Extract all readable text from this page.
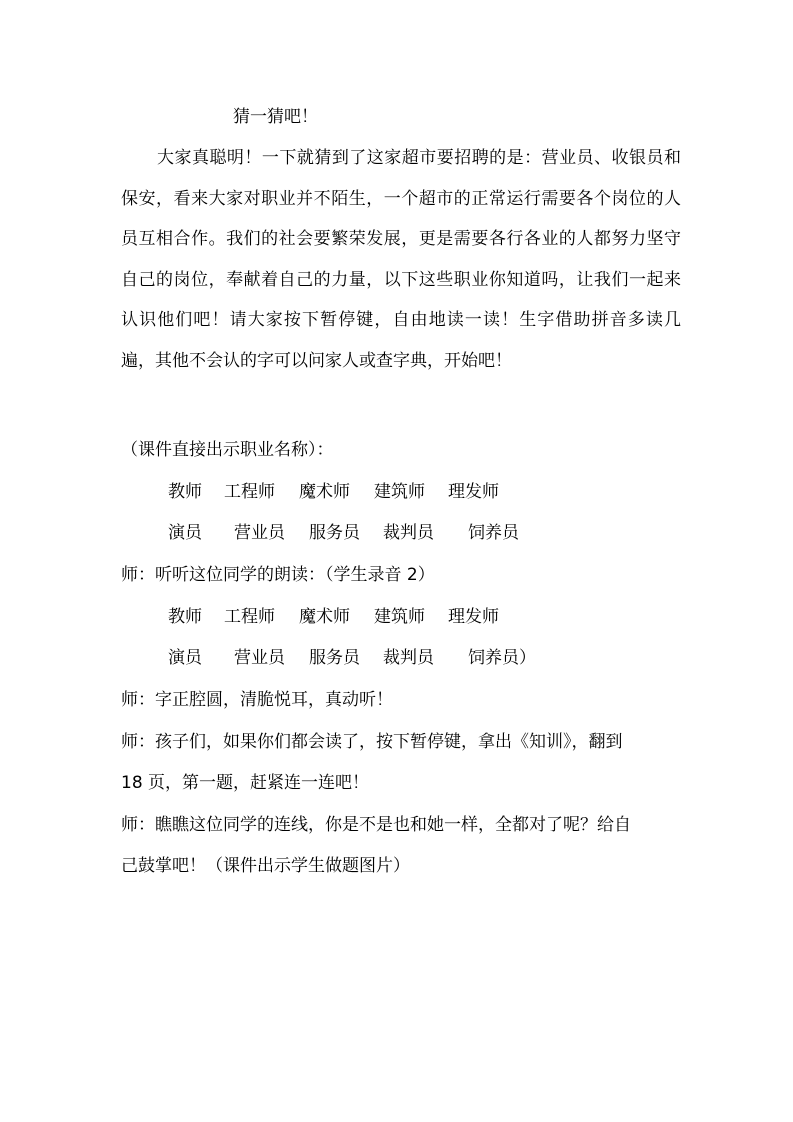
猜一猜吧！
大家真聪明！一下就猜到了这家超市要招聘的是：营业员、收银员和保安，看来大家对职业并不陌生，一个超市的正常运行需要各个岗位的人员互相合作。我们的社会要繁荣发展，更是需要各行各业的人都努力坚守自己的岗位，奉献着自己的力量，以下这些职业你知道吗，让我们一起来认识他们吧！请大家按下暂停键，自由地读一读！生字借助拼音多读几遍，其他不会认的字可以问家人或查字典，开始吧！
（课件直接出示职业名称）：
教师 工程师 魔术师 建筑师 理发师
演员 营业员 服务员 裁判员 饲养员
师：听听这位同学的朗读：（学生录音 2）
教师 工程师 魔术师 建筑师 理发师
演员 营业员 服务员 裁判员 饲养员）
师：字正腔圆，清脆悦耳，真动听！
师：孩子们，如果你们都会读了，按下暂停键，拿出《知训》，翻到
18 页，第一题，赶紧连一连吧！
师：瞧瞧这位同学的连线，你是不是也和她一样，全都对了呢？给自
己鼓掌吧！（课件出示学生做题图片）
